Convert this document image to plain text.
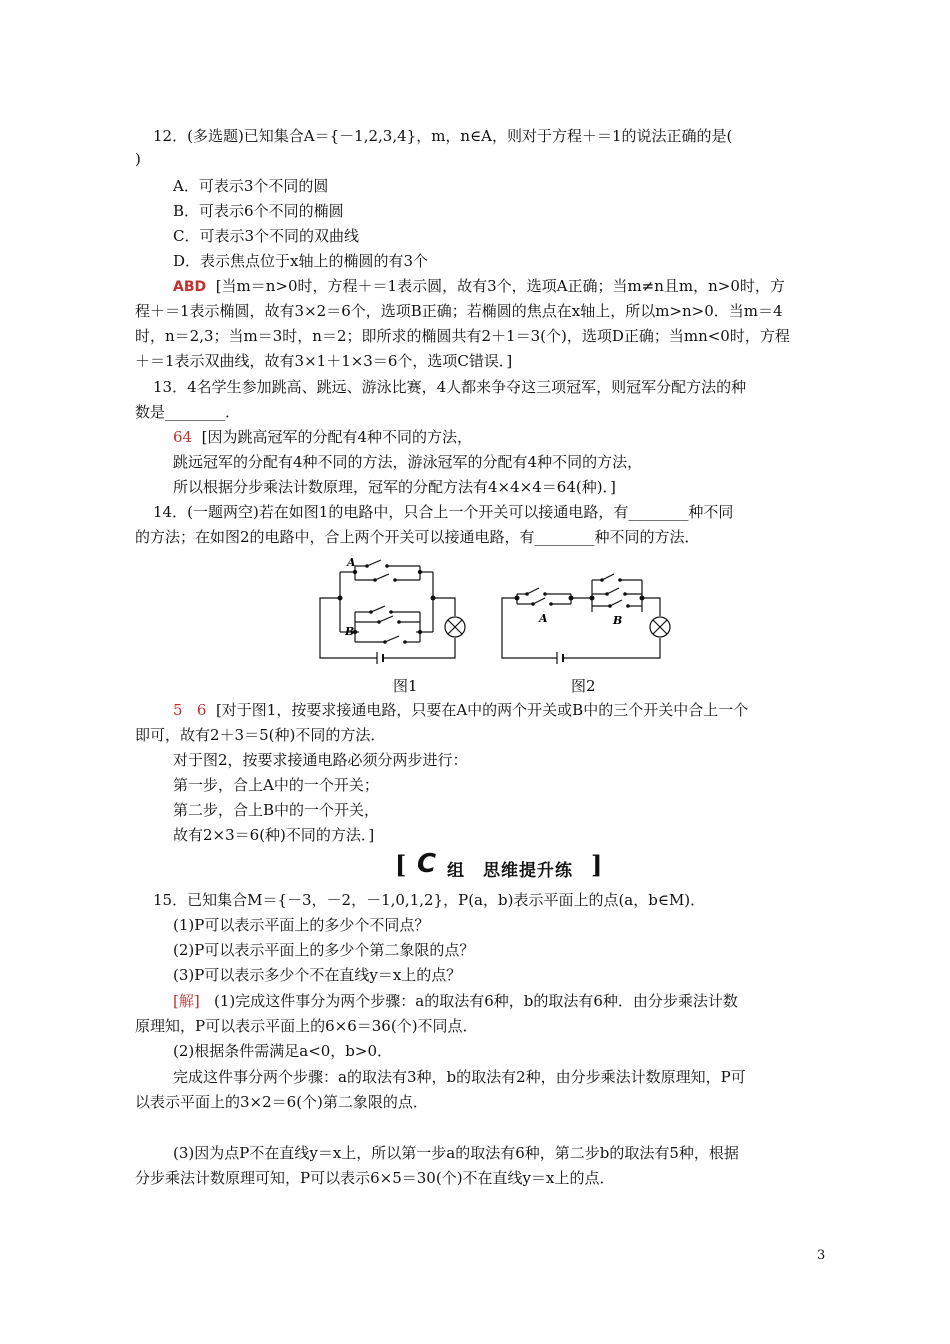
12．(多选题)已知集合A＝{－1,2,3,4}，m，n∈A，则对于方程＋＝1的说法正确的是(
)
A．可表示3个不同的圆
B．可表示6个不同的椭圆
C．可表示3个不同的双曲线
D．表示焦点位于x轴上的椭圆的有3个
ABD [当m＝n>0时，方程＋＝1表示圆，故有3个，选项A正确；当m≠n且m，n>0时，方
程＋＝1表示椭圆，故有3×2＝6个，选项B正确；若椭圆的焦点在x轴上，所以m>n>0．当m＝4
时，n＝2,3；当m＝3时，n＝2；即所求的椭圆共有2＋1＝3(个)，选项D正确；当mn<0时，方程
＋＝1表示双曲线，故有3×1＋1×3＝6个，选项C错误．]
13．4名学生参加跳高、跳远、游泳比赛，4人都来争夺这三项冠军，则冠军分配方法的种
数是________．
64 [因为跳高冠军的分配有4种不同的方法，
跳远冠军的分配有4种不同的方法，游泳冠军的分配有4种不同的方法，
所以根据分步乘法计数原理，冠军的分配方法有4×4×4＝64(种)．]
14．(一题两空)若在如图1的电路中，只合上一个开关可以接通电路，有________种不同
的方法；在如图2的电路中，合上两个开关可以接通电路，有________种不同的方法．
A
B
A	B
图1	图2
5 6 [对于图1，按要求接通电路，只要在A中的两个开关或B中的三个开关中合上一个
即可，故有2＋3＝5(种)不同的方法．
对于图2，按要求接通电路必须分两步进行：
第一步，合上A中的一个开关；
第二步，合上B中的一个开关，
故有2×3＝6(种)不同的方法．]
[ C 组　思维提升练 ]
15．已知集合M＝{－3，－2，－1,0,1,2}，P(a，b)表示平面上的点(a，b∈M)．
(1)P可以表示平面上的多少个不同点？
(2)P可以表示平面上的多少个第二象限的点？
(3)P可以表示多少个不在直线y＝x上的点？
[解] (1)完成这件事分为两个步骤：a的取法有6种，b的取法有6种．由分步乘法计数
原理知，P可以表示平面上的6×6＝36(个)不同点．
(2)根据条件需满足a<0，b>0．
完成这件事分两个步骤：a的取法有3种，b的取法有2种，由分步乘法计数原理知，P可
以表示平面上的3×2＝6(个)第二象限的点．
(3)因为点P不在直线y＝x上，所以第一步a的取法有6种，第二步b的取法有5种，根据
分步乘法计数原理可知，P可以表示6×5＝30(个)不在直线y＝x上的点．
3
